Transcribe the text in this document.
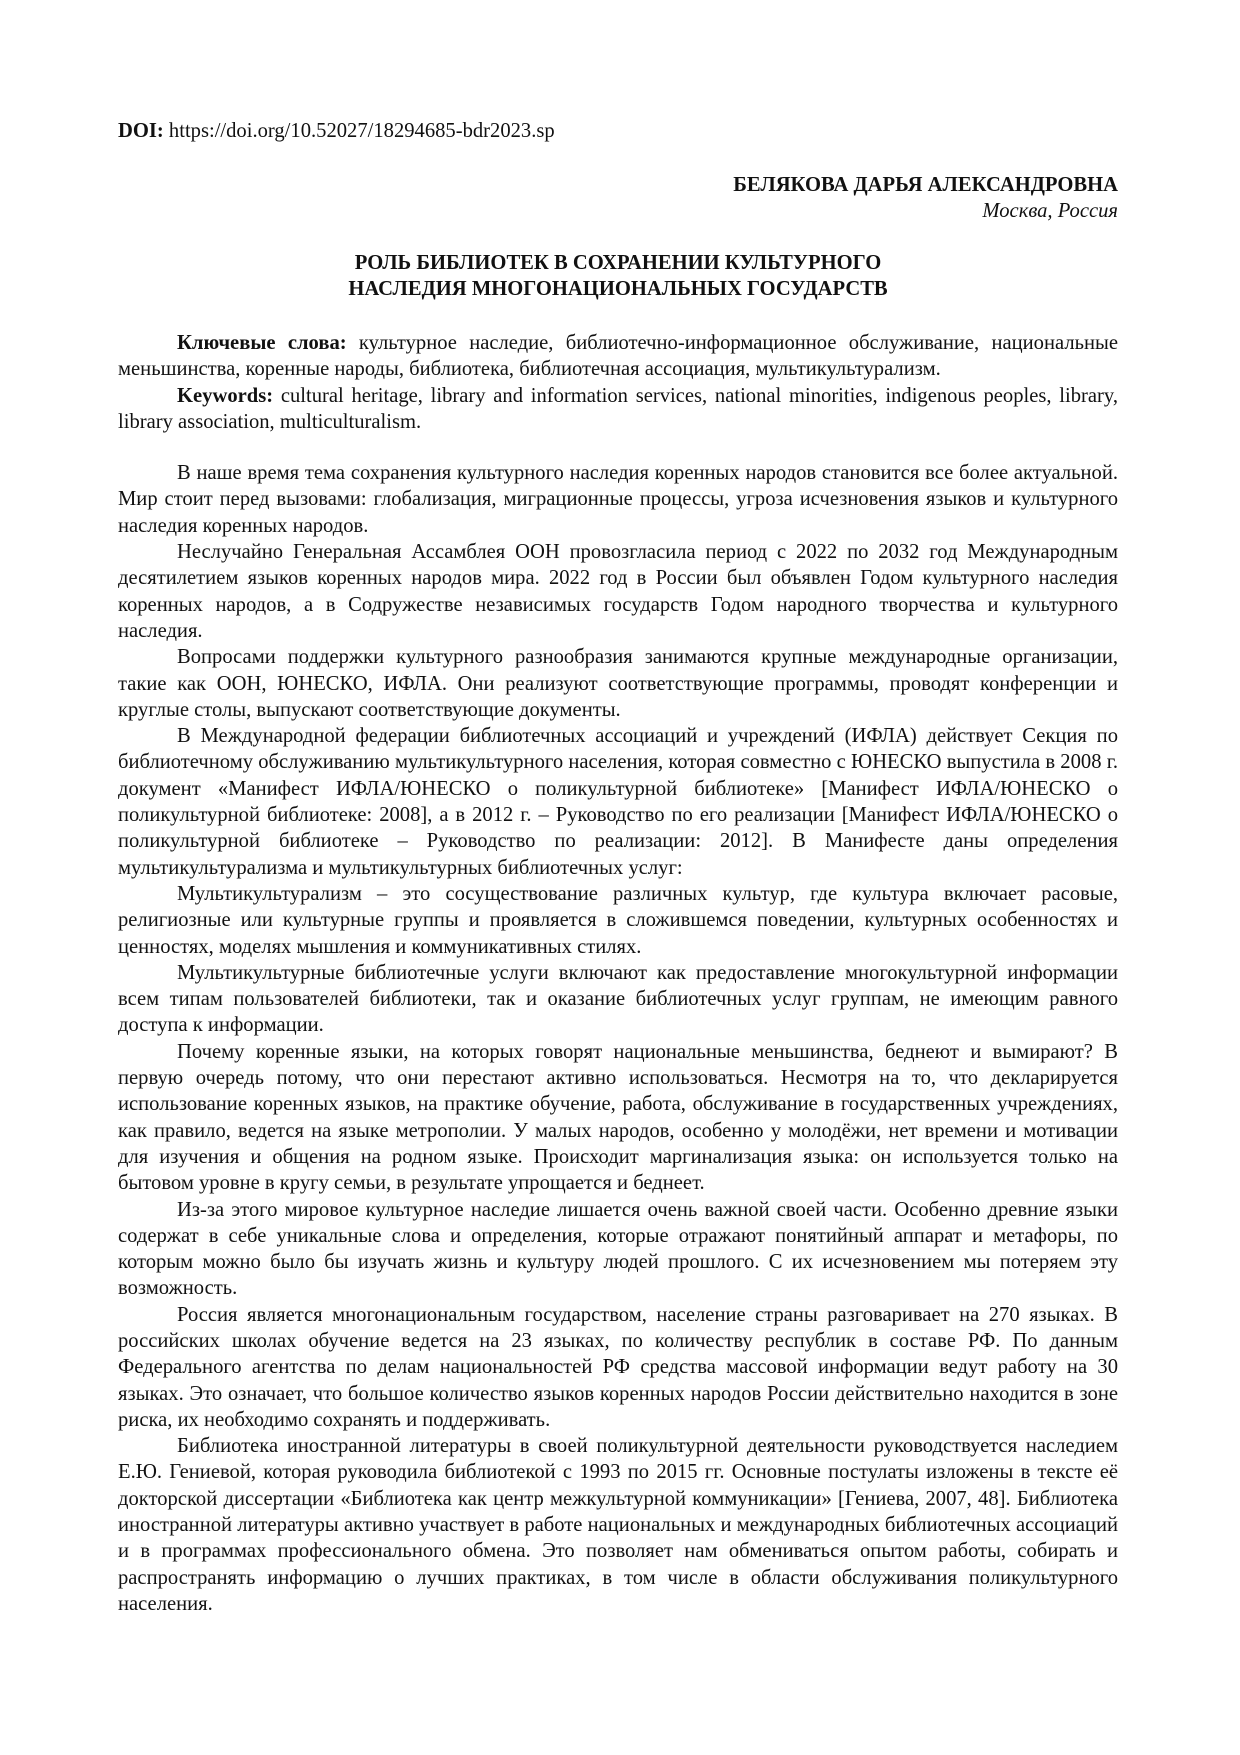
DOI: https://doi.org/10.52027/18294685-bdr2023.sp
БЕЛЯКОВА ДАРЬЯ АЛЕКСАНДРОВНА
Москва, Россия
РОЛЬ БИБЛИОТЕК В СОХРАНЕНИИ КУЛЬТУРНОГО
НАСЛЕДИЯ МНОГОНАЦИОНАЛЬНЫХ ГОСУДАРСТВ

Ключевые слова: культурное наследие, библиотечно-информационное обслуживание, национальные меньшинства, коренные народы, библиотека, библиотечная ассоциация, мультикультурализм.

Keywords: cultural heritage, library and information services, national minorities, indigenous peoples, library, library association, multiculturalism.

В наше время тема сохранения культурного наследия коренных народов становится все более актуальной. Мир стоит перед вызовами: глобализация, миграционные процессы, угроза исчезновения языков и культурного наследия коренных народов.

Неслучайно Генеральная Ассамблея ООН провозгласила период с 2022 по 2032 год Международным десятилетием языков коренных народов мира. 2022 год в России был объявлен Годом культурного наследия коренных народов, а в Содружестве независимых государств Годом народного творчества и культурного наследия.

Вопросами поддержки культурного разнообразия занимаются крупные международные организации, такие как ООН, ЮНЕСКО, ИФЛА. Они реализуют соответствующие программы, проводят конференции и круглые столы, выпускают соответствующие документы.

В Международной федерации библиотечных ассоциаций и учреждений (ИФЛА) действует Секция по библиотечному обслуживанию мультикультурного населения, которая совместно с ЮНЕСКО выпустила в 2008 г. документ «Манифест ИФЛА/ЮНЕСКО о поликультурной библиотеке» [Манифест ИФЛА/ЮНЕСКО о поликультурной библиотеке: 2008], а в 2012 г. – Руководство по его реализации [Манифест ИФЛА/ЮНЕСКО о поликультурной библиотеке – Руководство по реализации: 2012]. В Манифесте даны определения мультикультурализма и мультикультурных библиотечных услуг:

Мультикультурализм – это сосуществование различных культур, где культура включает расовые, религиозные или культурные группы и проявляется в сложившемся поведении, культурных особенностях и ценностях, моделях мышления и коммуникативных стилях.

Мультикультурные библиотечные услуги включают как предоставление многокультурной информации всем типам пользователей библиотеки, так и оказание библиотечных услуг группам, не имеющим равного доступа к информации.

Почему коренные языки, на которых говорят национальные меньшинства, беднеют и вымирают? В первую очередь потому, что они перестают активно использоваться. Несмотря на то, что декларируется использование коренных языков, на практике обучение, работа, обслуживание в государственных учреждениях, как правило, ведется на языке метрополии. У малых народов, особенно у молодёжи, нет времени и мотивации для изучения и общения на родном языке. Происходит маргинализация языка: он используется только на бытовом уровне в кругу семьи, в результате упрощается и беднеет.

Из-за этого мировое культурное наследие лишается очень важной своей части. Особенно древние языки содержат в себе уникальные слова и определения, которые отражают понятийный аппарат и метафоры, по которым можно было бы изучать жизнь и культуру людей прошлого. С их исчезновением мы потеряем эту возможность.

Россия является многонациональным государством, население страны разговаривает на 270 языках. В российских школах обучение ведется на 23 языках, по количеству республик в составе РФ. По данным Федерального агентства по делам национальностей РФ средства массовой информации ведут работу на 30 языках. Это означает, что большое количество языков коренных народов России действительно находится в зоне риска, их необходимо сохранять и поддерживать.

Библиотека иностранной литературы в своей поликультурной деятельности руководствуется наследием Е.Ю. Гениевой, которая руководила библиотекой с 1993 по 2015 гг. Основные постулаты изложены в тексте её докторской диссертации «Библиотека как центр межкультурной коммуникации» [Гениева, 2007, 48]. Библиотека иностранной литературы активно участвует в работе национальных и международных библиотечных ассоциаций и в программах профессионального обмена. Это позволяет нам обмениваться опытом работы, собирать и распространять информацию о лучших практиках, в том числе в области обслуживания поликультурного населения.
